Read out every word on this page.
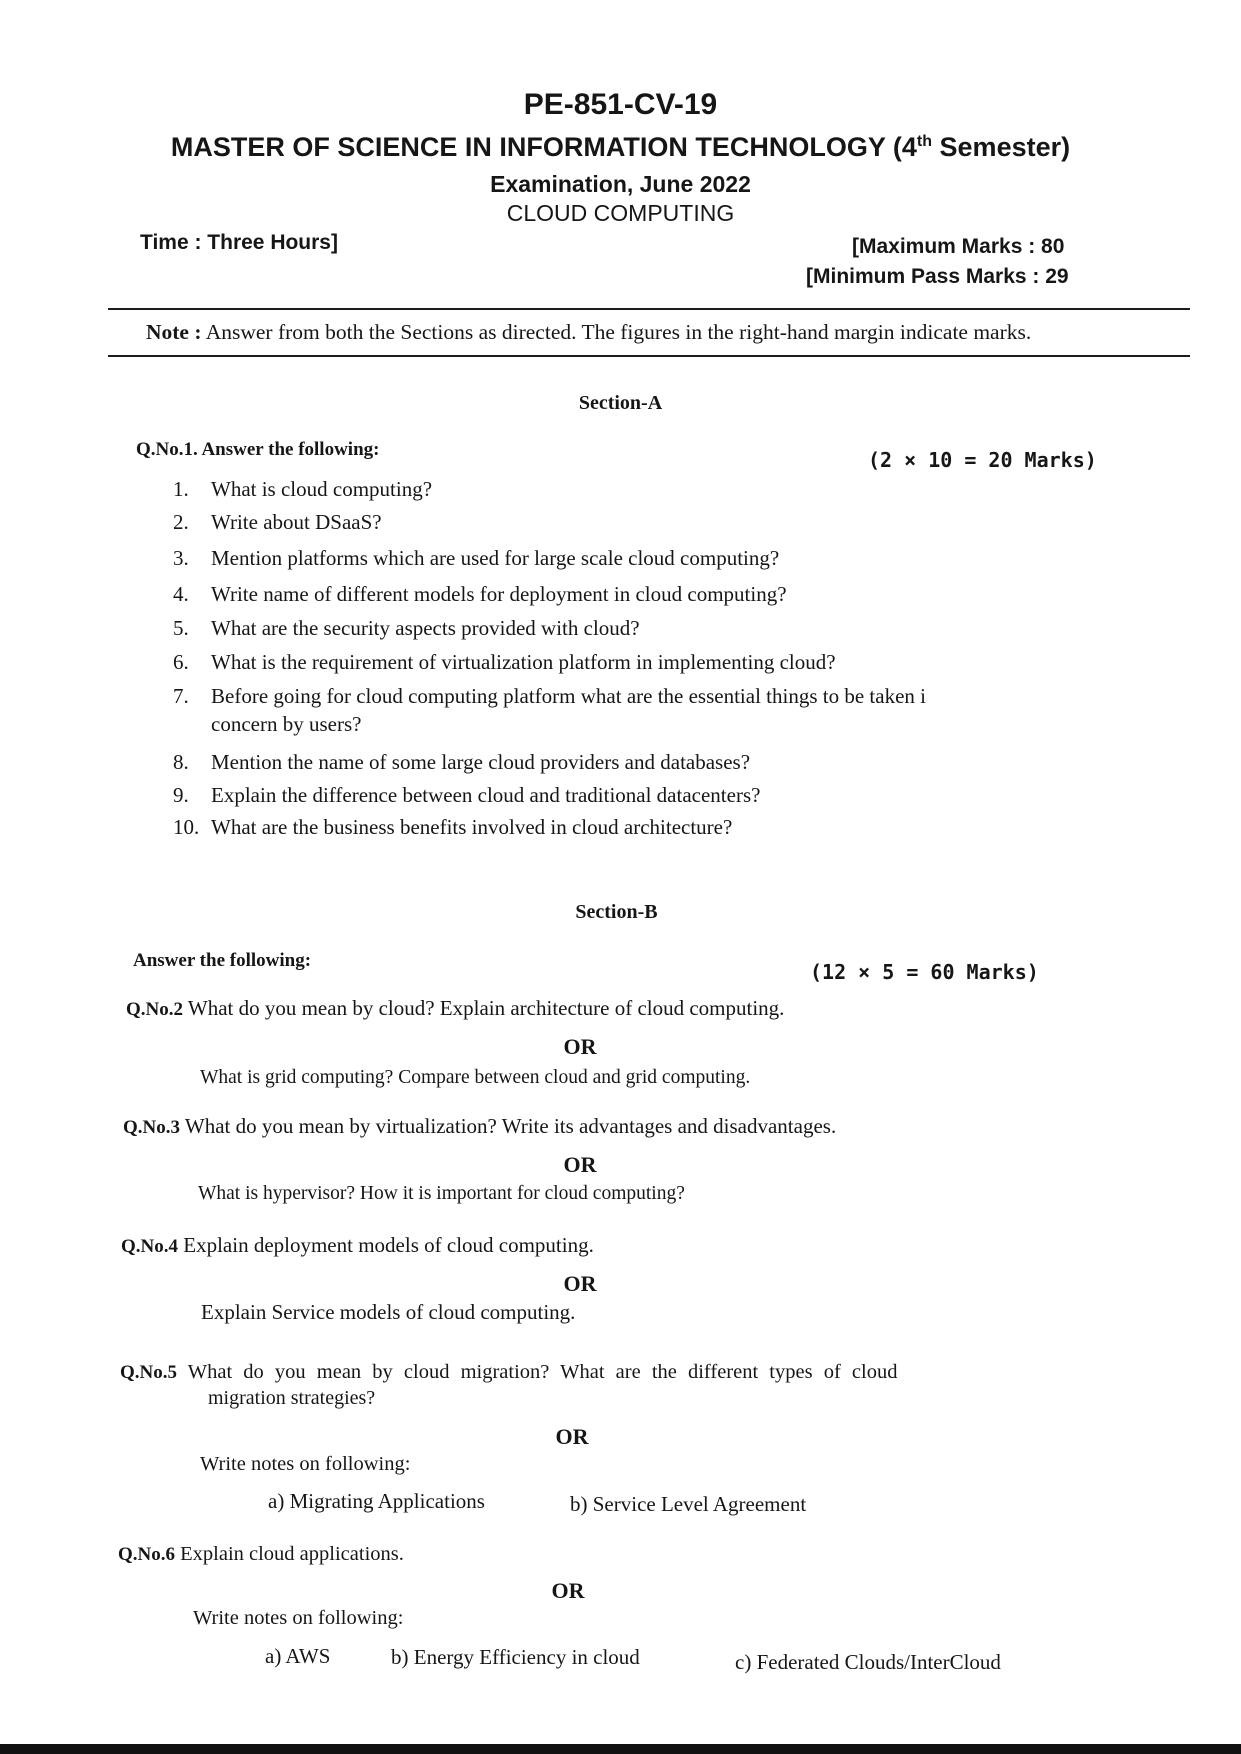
PE-851-CV-19
MASTER OF SCIENCE IN INFORMATION TECHNOLOGY (4th Semester)
Examination, June 2022
CLOUD COMPUTING
Time : Three Hours]	[Maximum Marks : 80
[Minimum Pass Marks : 29
Note : Answer from both the Sections as directed. The figures in the right-hand margin indicate marks.
Section-A
Q.No.1. Answer the following:	(2 × 10 = 20 Marks)
1. What is cloud computing?
2. Write about DSaaS?
3. Mention platforms which are used for large scale cloud computing?
4. Write name of different models for deployment in cloud computing?
5. What are the security aspects provided with cloud?
6. What is the requirement of virtualization platform in implementing cloud?
7. Before going for cloud computing platform what are the essential things to be taken i
concern by users?
8. Mention the name of some large cloud providers and databases?
9. Explain the difference between cloud and traditional datacenters?
10. What are the business benefits involved in cloud architecture?
Section-B
Answer the following:	(12 × 5 = 60 Marks)
Q.No.2 What do you mean by cloud? Explain architecture of cloud computing.
OR
What is grid computing? Compare between cloud and grid computing.
Q.No.3 What do you mean by virtualization? Write its advantages and disadvantages.
OR
What is hypervisor? How it is important for cloud computing?
Q.No.4 Explain deployment models of cloud computing.
OR
Explain Service models of cloud computing.
Q.No.5 What do you mean by cloud migration? What are the different types of cloud
migration strategies?
OR
Write notes on following:
a) Migrating Applications	b) Service Level Agreement
Q.No.6 Explain cloud applications.
OR
Write notes on following:
a) AWS	b) Energy Efficiency in cloud	c) Federated Clouds/InterCloud
